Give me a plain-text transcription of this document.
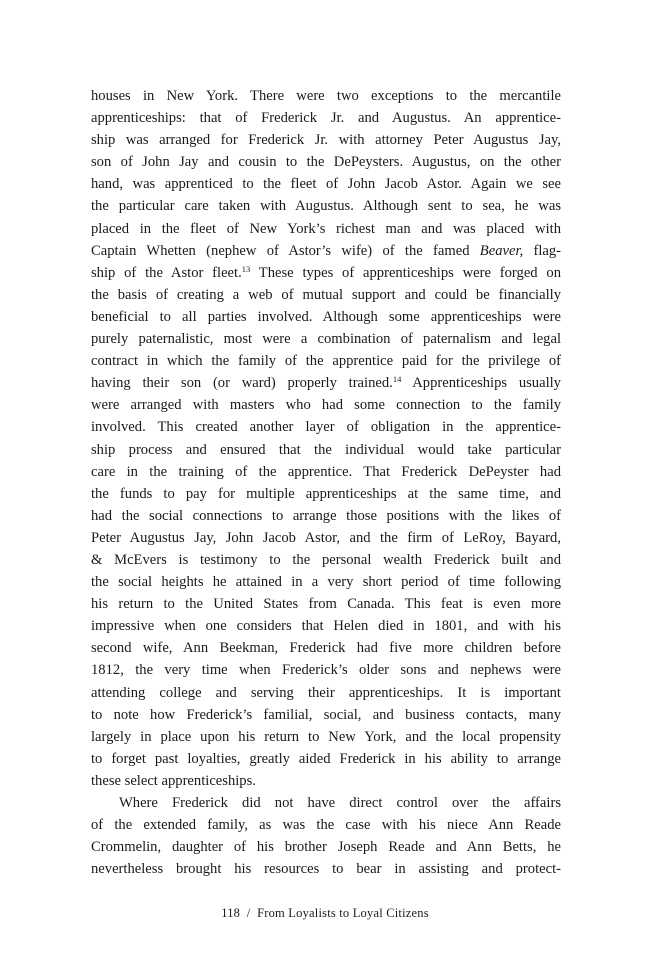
houses in New York. There were two exceptions to the mercantile
apprenticeships: that of Frederick Jr. and Augustus. An apprentice-
ship was arranged for Frederick Jr. with attorney Peter Augustus Jay,
son of John Jay and cousin to the DePeysters. Augustus, on the other
hand, was apprenticed to the fleet of John Jacob Astor. Again we see
the particular care taken with Augustus. Although sent to sea, he was
placed in the fleet of New York’s richest man and was placed with
Captain Whetten (nephew of Astor’s wife) of the famed Beaver, flag-
ship of the Astor fleet.$^{13}$ These types of apprenticeships were forged on
the basis of creating a web of mutual support and could be financially
beneficial to all parties involved. Although some apprenticeships were
purely paternalistic, most were a combination of paternalism and legal
contract in which the family of the apprentice paid for the privilege of
having their son (or ward) properly trained.$^{14}$ Apprenticeships usually
were arranged with masters who had some connection to the family
involved. This created another layer of obligation in the apprentice-
ship process and ensured that the individual would take particular
care in the training of the apprentice. That Frederick DePeyster had
the funds to pay for multiple apprenticeships at the same time, and
had the social connections to arrange those positions with the likes of
Peter Augustus Jay, John Jacob Astor, and the firm of LeRoy, Bayard,
& McEvers is testimony to the personal wealth Frederick built and
the social heights he attained in a very short period of time following
his return to the United States from Canada. This feat is even more
impressive when one considers that Helen died in 1801, and with his
second wife, Ann Beekman, Frederick had five more children before
1812, the very time when Frederick’s older sons and nephews were
attending college and serving their apprenticeships. It is important
to note how Frederick’s familial, social, and business contacts, many
largely in place upon his return to New York, and the local propensity
to forget past loyalties, greatly aided Frederick in his ability to arrange
these select apprenticeships.
Where Frederick did not have direct control over the affairs
of the extended family, as was the case with his niece Ann Reade
Crommelin, daughter of his brother Joseph Reade and Ann Betts, he
nevertheless brought his resources to bear in assisting and protect-
118  /  From Loyalists to Loyal Citizens
